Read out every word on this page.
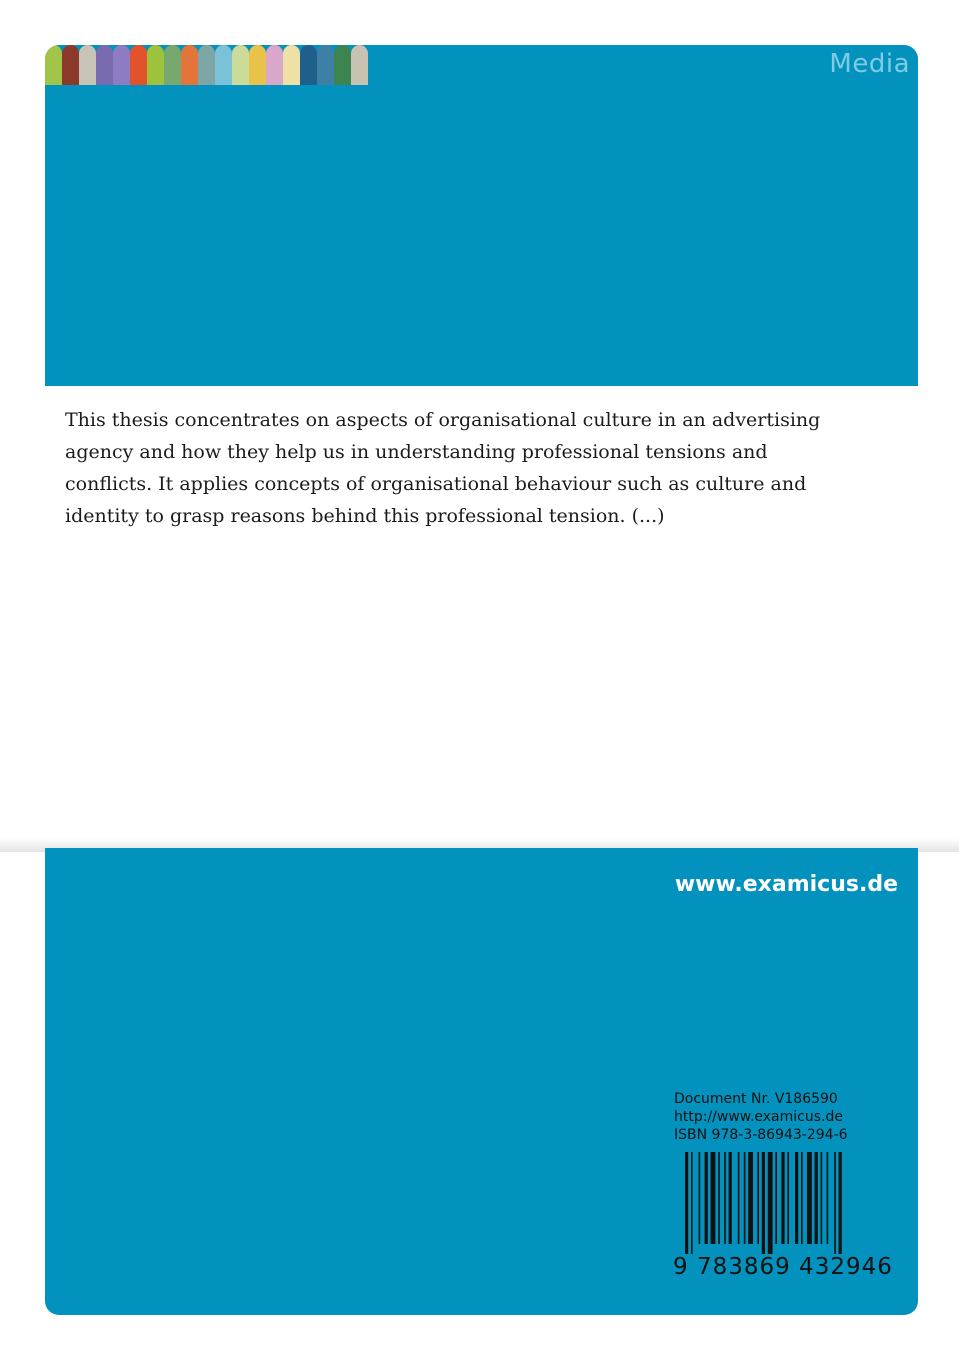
Media

This thesis concentrates on aspects of organisational culture in an advertising

agency and how they help us in understanding professional tensions and

conflicts. It applies concepts of organisational behaviour such as culture and

identity to grasp reasons behind this professional tension. (...)

www.examicus.de
Document Nr. V186590
http://www.examicus.de
ISBN 978-3-86943-294-6
9 783869 432946
